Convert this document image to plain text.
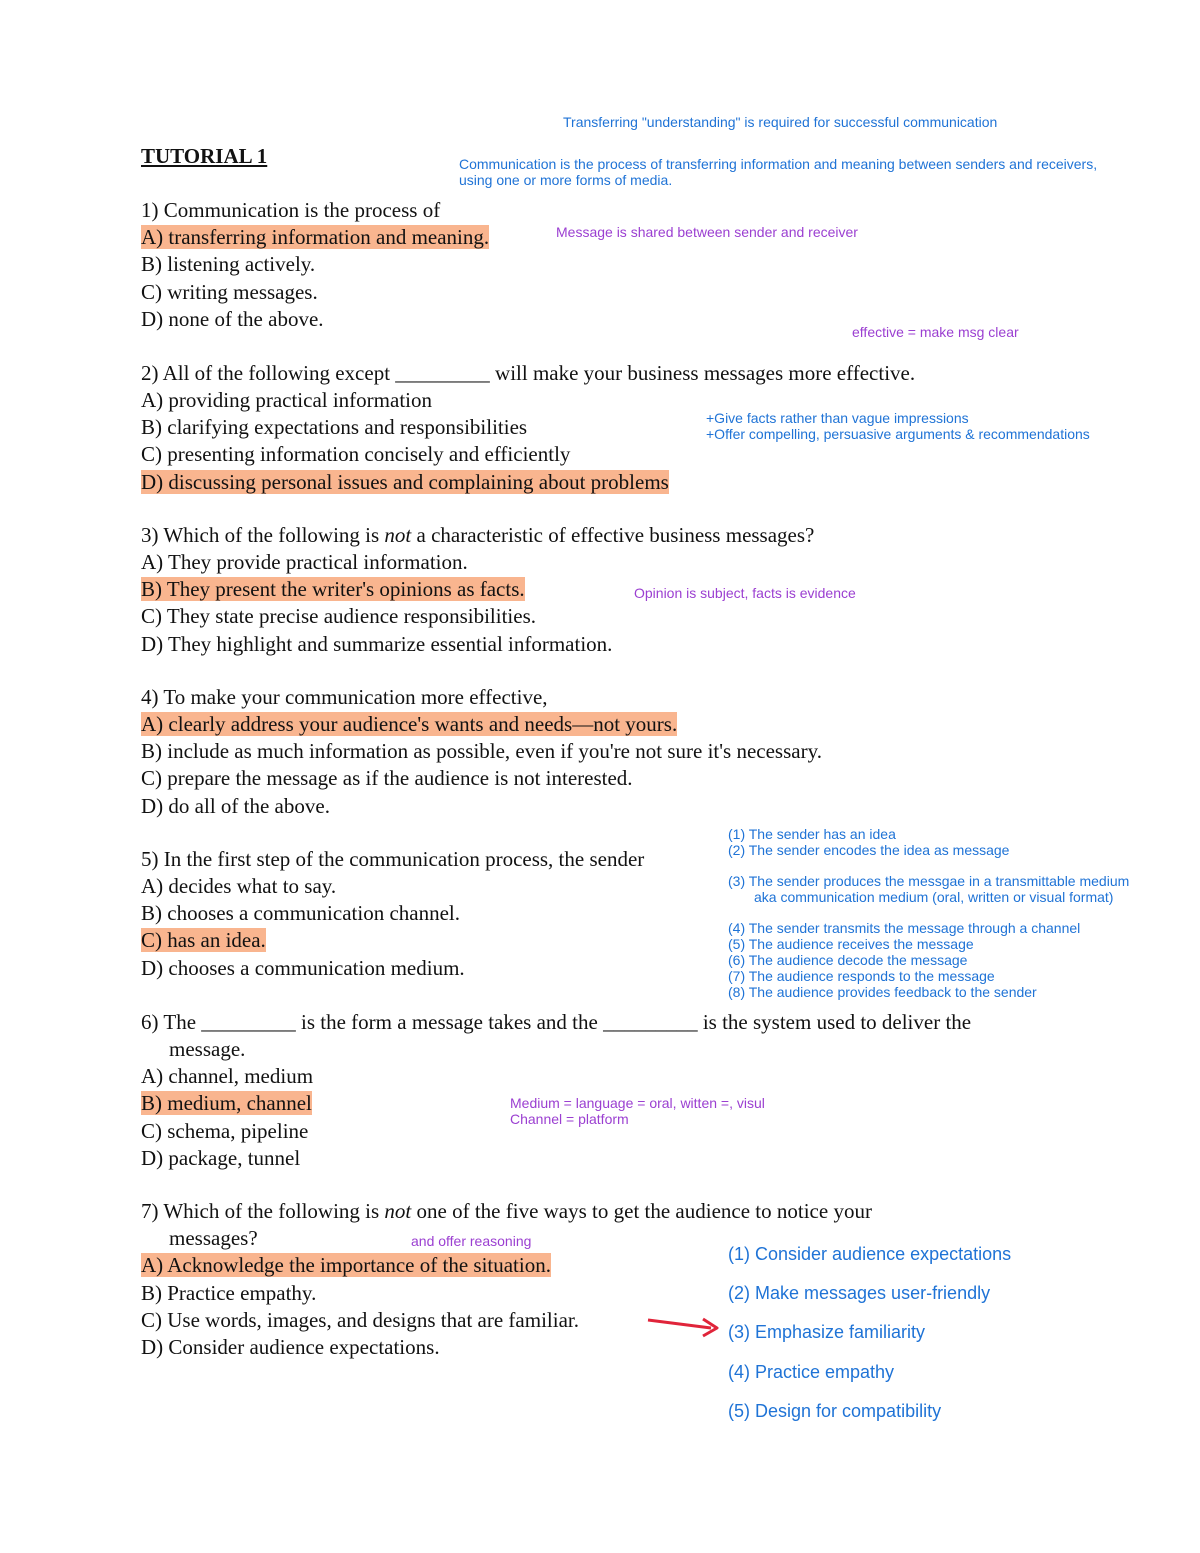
Transferring "understanding" is required for successful communication
TUTORIAL 1	Communication is the process of transferring information and meaning between senders and receivers,
using one or more forms of media.
1) Communication is the process of
A) transferring information and meaning.	Message is shared between sender and receiver
B) listening actively.
C) writing messages.
D) none of the above.
effective = make msg clear
2) All of the following except _________ will make your business messages more effective.
A) providing practical information
B) clarifying expectations and responsibilities	+Give facts rather than vague impressions
+Offer compelling, persuasive arguments & recommendations
C) presenting information concisely and efficiently
D) discussing personal issues and complaining about problems
3) Which of the following is not a characteristic of effective business messages?
A) They provide practical information.
B) They present the writer's opinions as facts.	Opinion is subject, facts is evidence
C) They state precise audience responsibilities.
D) They highlight and summarize essential information.
4) To make your communication more effective,
A) clearly address your audience's wants and needs—not yours.
B) include as much information as possible, even if you're not sure it's necessary.
C) prepare the message as if the audience is not interested.
D) do all of the above.
(1) The sender has an idea
(2) The sender encodes the idea as message
5) In the first step of the communication process, the sender
(3) The sender produces the messgae in a transmittable medium
A) decides what to say.	aka communication medium (oral, written or visual format)
B) chooses a communication channel.
(4) The sender transmits the message through a channel
C) has an idea.	(5) The audience receives the message
(6) The audience decode the message
D) chooses a communication medium.	(7) The audience responds to the message
(8) The audience provides feedback to the sender
6) The _________ is the form a message takes and the _________ is the system used to deliver the
message.
A) channel, medium
B) medium, channel	Medium = language = oral, witten =, visul
Channel = platform
C) schema, pipeline
D) package, tunnel
7) Which of the following is not one of the five ways to get the audience to notice your
messages?	and offer reasoning
(1) Consider audience expectations
A) Acknowledge the importance of the situation.
B) Practice empathy.	(2) Make messages user-friendly
C) Use words, images, and designs that are familiar.	(3) Emphasize familiarity
D) Consider audience expectations.
(4) Practice empathy
(5) Design for compatibility
